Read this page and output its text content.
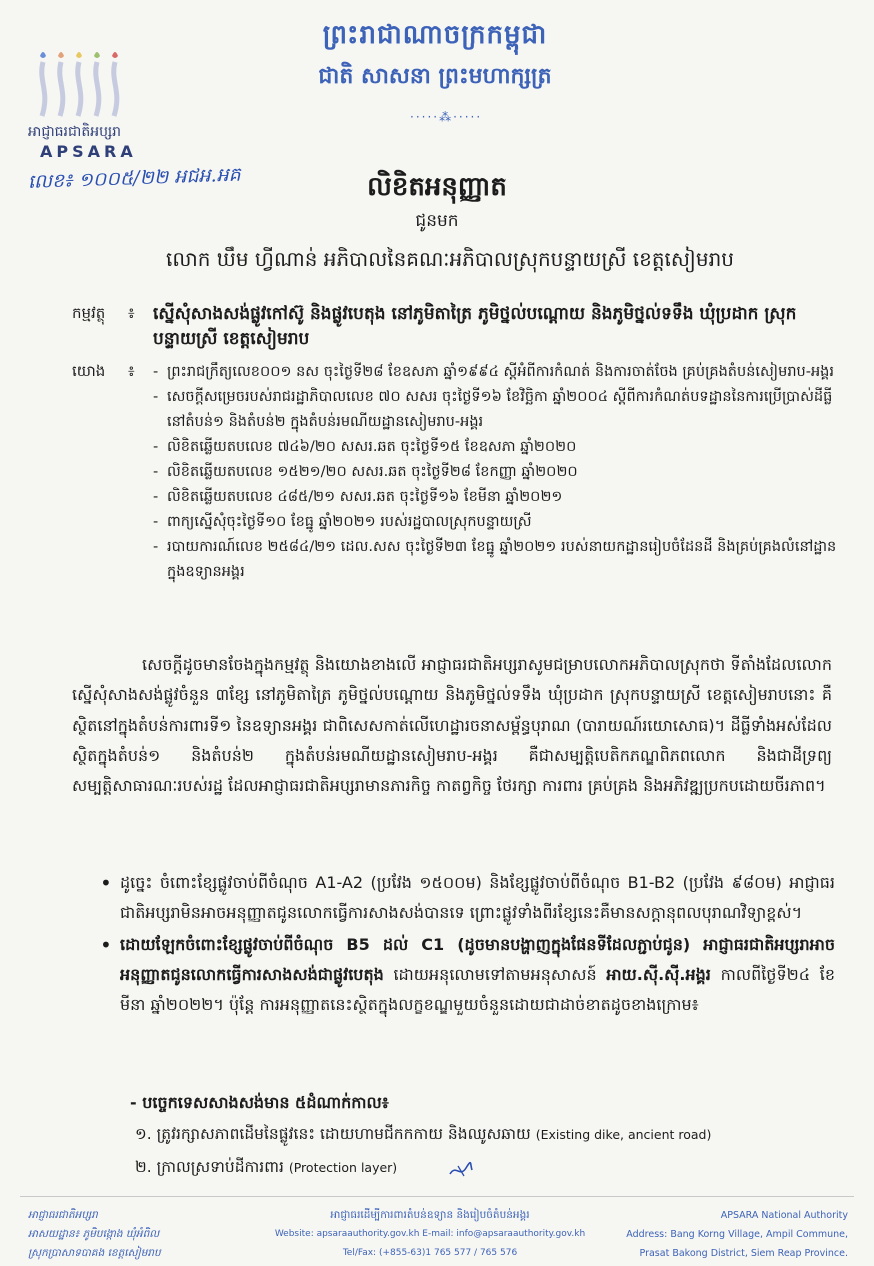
អាជ្ញាធរជាតិអប្សរា
APSARA
ព្រះរាជាណាចក្រកម្ពុជា
ជាតិ សាសនា ព្រះមហាក្សត្រ
·····⁂·····
លេខ៖ ១០០៥/២២ អជអ.អគ	លិខិតអនុញ្ញាត
ជូនមក
លោក ឃឹម ហ្វីណាន់ អភិបាលនៃគណៈអភិបាលស្រុកបន្ទាយស្រី ខេត្តសៀមរាប
កម្មវត្ថុ ៖ ស្នើសុំសាងសង់ផ្លូវកៅស៊ូ និងផ្លូវបេតុង នៅភូមិតាត្រៃ ភូមិថ្នល់បណ្ដោយ និងភូមិថ្នល់ទទឹង ឃុំប្រដាក ស្រុកបន្ទាយស្រី ខេត្តសៀមរាប
យោង ៖
-	ព្រះរាជក្រឹត្យលេខ០០១ នស ចុះថ្ងៃទី២៨ ខែឧសភា ឆ្នាំ១៩៩៤ ស្ដីអំពីការកំណត់ និងការចាត់ចែង គ្រប់គ្រងតំបន់សៀមរាប-អង្គរ
- សេចក្ដីសម្រេចរបស់រាជរដ្ឋាភិបាលលេខ ៧០ សសរ ចុះថ្ងៃទី១៦ ខែវិច្ឆិកា ឆ្នាំ២០០៤ ស្ដីពីការកំណត់បទដ្ឋាននៃការប្រើប្រាស់ដីធ្លីនៅតំបន់១ និងតំបន់២ ក្នុងតំបន់រមណីយដ្ឋានសៀមរាប-អង្គរ
- លិខិតឆ្លើយតបលេខ ៧៤៦/២០ សសរ.ឆត ចុះថ្ងៃទី១៥ ខែឧសភា ឆ្នាំ២០២០
- លិខិតឆ្លើយតបលេខ ១៥២១/២០ សសរ.ឆត ចុះថ្ងៃទី២៨ ខែកញ្ញា ឆ្នាំ២០២០
- លិខិតឆ្លើយតបលេខ ៤៨៥/២១ សសរ.ឆត ចុះថ្ងៃទី១៦ ខែមីនា ឆ្នាំ២០២១
- ពាក្យស្នើសុំចុះថ្ងៃទី១០ ខែធ្នូ ឆ្នាំ២០២១ របស់រដ្ឋបាលស្រុកបន្ទាយស្រី
- របាយការណ៍លេខ ២៥៨៤/២១ ដេល.សស ចុះថ្ងៃទី២៣ ខែធ្នូ ឆ្នាំ២០២១ របស់នាយកដ្ឋានរៀបចំដែនដី និងគ្រប់គ្រងលំនៅដ្ឋានក្នុងឧទ្យានអង្គរ
សេចក្ដីដូចមានចែងក្នុងកម្មវត្ថុ និងយោងខាងលើ អាជ្ញាធរជាតិអប្សរាសូមជម្រាបលោកអភិបាលស្រុកថា ទីតាំងដែលលោកស្នើសុំសាងសង់ផ្លូវចំនួន ៣ខ្សែ នៅភូមិតាត្រៃ ភូមិថ្នល់បណ្ដោយ និងភូមិថ្នល់ទទឹង ឃុំប្រដាក ស្រុកបន្ទាយស្រី ខេត្តសៀមរាបនោះ គឺស្ថិតនៅក្នុងតំបន់ការពារទី១ នៃឧទ្យានអង្គរ ជាពិសេសកាត់លើហេដ្ឋារចនាសម្ព័ន្ធបុរាណ (បារាយណ៍រយោសោធ)។ ដីធ្លីទាំងអស់ដែលស្ថិតក្នុងតំបន់១ និងតំបន់២ ក្នុងតំបន់រមណីយដ្ឋានសៀមរាប-អង្គរ គឺជាសម្បត្តិបេតិកភណ្ឌពិភពលោក និងជាដីទ្រព្យសម្បត្តិសាធារណៈរបស់រដ្ឋ ដែលអាជ្ញាធរជាតិអប្សរាមានភារកិច្ច កាតព្វកិច្ច ថែរក្សា ការពារ គ្រប់គ្រង និងអភិវឌ្ឍប្រកបដោយចីរភាព។
• ដូច្នេះ ចំពោះខ្សែផ្លូវចាប់ពីចំណុច A1-A2 (ប្រវែង ១៥០០ម) និងខ្សែផ្លូវចាប់ពីចំណុច B1-B2 (ប្រវែង ៩៨០ម) អាជ្ញាធរជាតិអប្សរាមិនអាចអនុញ្ញាតជូនលោកធ្វើការសាងសង់បានទេ ព្រោះផ្លូវទាំងពីរខ្សែនេះគឺមានសក្ដានុពលបុរាណវិទ្យាខ្ពស់។
• ដោយឡែកចំពោះខ្សែផ្លូវចាប់ពីចំណុច B5 ដល់ C1 (ដូចមានបង្ហាញក្នុងផែនទីដែលភ្ជាប់ជូន) អាជ្ញាធរជាតិអប្សរាអាចអនុញ្ញាតជូនលោកធ្វើការសាងសង់ជាផ្លូវបេតុង ដោយអនុលោមទៅតាមអនុសាសន៍ អាយ.ស៊ី.ស៊ី.អង្គរ កាលពីថ្ងៃទី២៤ ខែមីនា ឆ្នាំ២០២២។ ប៉ុន្តែ ការអនុញ្ញាតនេះស្ថិតក្នុងលក្ខខណ្ឌមួយចំនួនដោយជាដាច់ខាតដូចខាងក្រោម៖
- បច្ចេកទេសសាងសង់មាន ៥ដំណាក់កាល៖
១. ត្រូវរក្សាសភាពដើមនៃផ្លូវនេះ ដោយហាមជីកកកាយ និងឈូសឆាយ (Existing dike, ancient road)
២. ក្រាលស្រទាប់ដីការពារ (Protection layer)
អាជ្ញាធរជាតិអប្សរា
អាសយដ្ឋាន៖ ភូមិបង្កោង ឃុំអំពិល
ស្រុកប្រាសាទបាគង ខេត្តសៀមរាប
អាជ្ញាធរដើម្បីការពារតំបន់ឧទ្យាន និងរៀបចំតំបន់អង្គរ
Website: apsaraauthority.gov.kh E-mail: info@apsaraauthority.gov.kh
Tel/Fax: (+855-63)1 765 577 / 765 576
APSARA National Authority
Address: Bang Korng Village, Ampil Commune,
Prasat Bakong District, Siem Reap Province.
